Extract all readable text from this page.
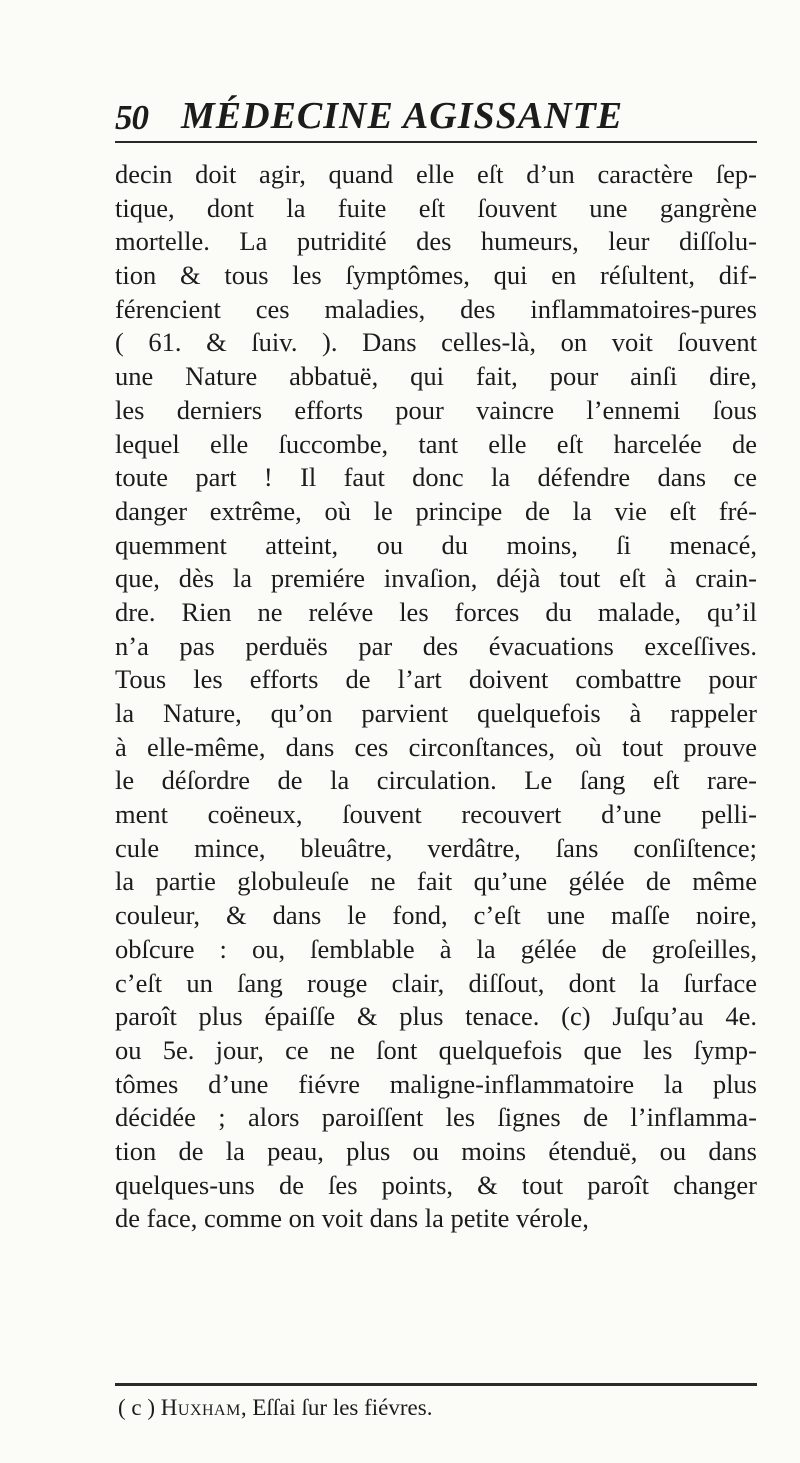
50 MÉDECINE AGISSANTE
decin doit agir, quand elle eſt d’un caractère ſep-
tique, dont la fuite eſt ſouvent une gangrène
mortelle. La putridité des humeurs, leur diſſolu-
tion & tous les ſymptômes, qui en réſultent, dif-
férencient ces maladies, des inflammatoires-pures
( 61. & ſuiv. ). Dans celles-là, on voit ſouvent
une Nature abbatuë, qui fait, pour ainſi dire,
les derniers efforts pour vaincre l’ennemi ſous
lequel elle ſuccombe, tant elle eſt harcelée de
toute part ! Il faut donc la défendre dans ce
danger extrême, où le principe de la vie eſt fré-
quemment atteint, ou du moins, ſi menacé,
que, dès la premiére invaſion, déjà tout eſt à crain-
dre. Rien ne reléve les forces du malade, qu’il
n’a pas perduës par des évacuations exceſſives.
Tous les efforts de l’art doivent combattre pour
la Nature, qu’on parvient quelquefois à rappeler
à elle-même, dans ces circonſtances, où tout prouve
le déſordre de la circulation. Le ſang eſt rare-
ment coëneux, ſouvent recouvert d’une pelli-
cule mince, bleuâtre, verdâtre, ſans conſiſtence;
la partie globuleuſe ne fait qu’une gélée de même
couleur, & dans le fond, c’eſt une maſſe noire,
obſcure : ou, ſemblable à la gélée de groſeilles,
c’eſt un ſang rouge clair, diſſout, dont la ſurface
paroît plus épaiſſe & plus tenace. (c) Juſqu’au 4e.
ou 5e. jour, ce ne ſont quelquefois que les ſymp-
tômes d’une fiévre maligne-inflammatoire la plus
décidée ; alors paroiſſent les ſignes de l’inflamma-
tion de la peau, plus ou moins étenduë, ou dans
quelques-uns de ſes points, & tout paroît changer
de face, comme on voit dans la petite vérole,
( c ) Huxham, Eſſai ſur les fiévres.
